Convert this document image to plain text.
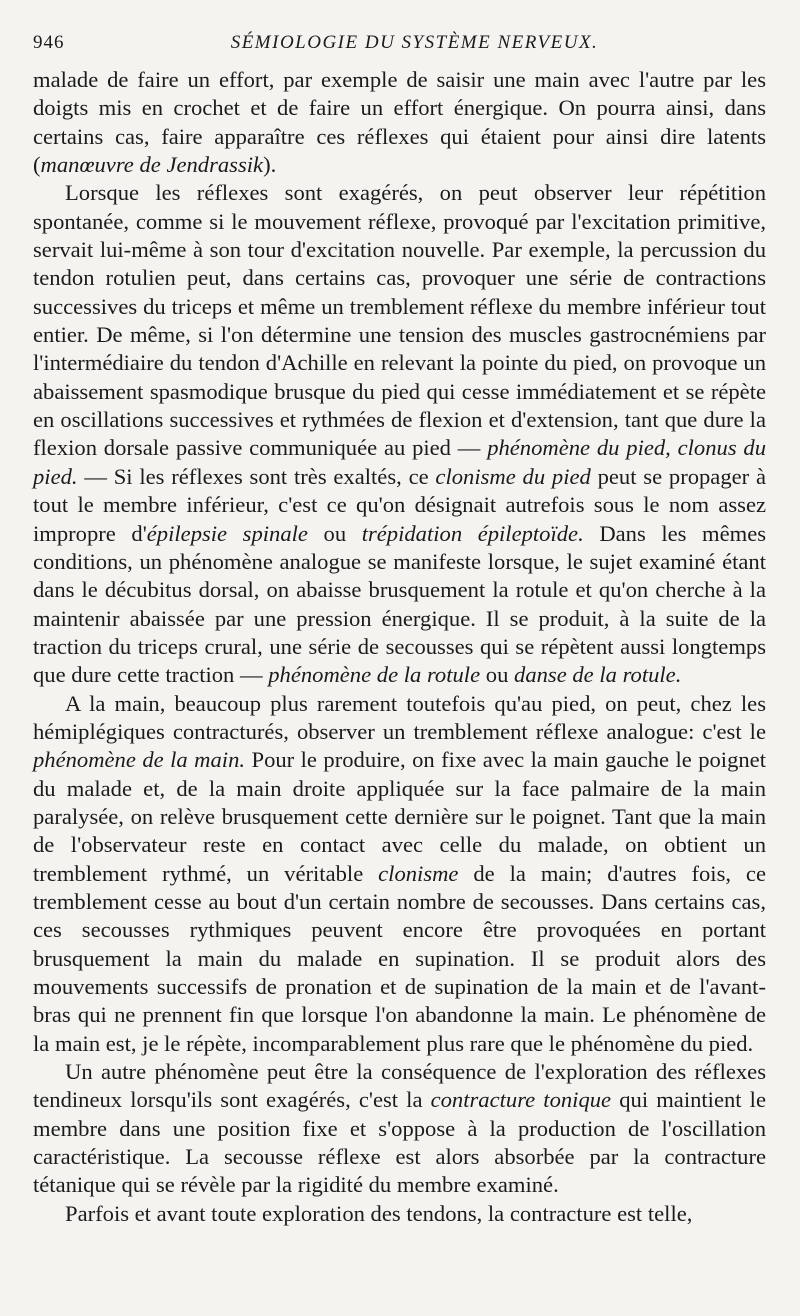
946	SÉMIOLOGIE DU SYSTÈME NERVEUX.

malade de faire un effort, par exemple de saisir une main avec l'autre par les doigts mis en crochet et de faire un effort énergique. On pourra ainsi, dans certains cas, faire apparaître ces réflexes qui étaient pour ainsi dire latents (manœuvre de Jendrassik).

Lorsque les réflexes sont exagérés, on peut observer leur répétition spontanée, comme si le mouvement réflexe, provoqué par l'excitation primitive, servait lui-même à son tour d'excitation nouvelle. Par exemple, la percussion du tendon rotulien peut, dans certains cas, provoquer une série de contractions successives du triceps et même un tremblement réflexe du membre inférieur tout entier. De même, si l'on détermine une tension des muscles gastrocnémiens par l'intermédiaire du tendon d'Achille en relevant la pointe du pied, on provoque un abaissement spasmodique brusque du pied qui cesse immédiatement et se répète en oscillations successives et rythmées de flexion et d'extension, tant que dure la flexion dorsale passive communiquée au pied — phénomène du pied, clonus du pied. — Si les réflexes sont très exaltés, ce clonisme du pied peut se propager à tout le membre inférieur, c'est ce qu'on désignait autrefois sous le nom assez impropre d'épilepsie spinale ou trépidation épileptoïde. Dans les mêmes conditions, un phénomène analogue se manifeste lorsque, le sujet examiné étant dans le décubitus dorsal, on abaisse brusquement la rotule et qu'on cherche à la maintenir abaissée par une pression énergique. Il se produit, à la suite de la traction du triceps crural, une série de secousses qui se répètent aussi longtemps que dure cette traction — phénomène de la rotule ou danse de la rotule.

A la main, beaucoup plus rarement toutefois qu'au pied, on peut, chez les hémiplégiques contracturés, observer un tremblement réflexe analogue: c'est le phénomène de la main. Pour le produire, on fixe avec la main gauche le poignet du malade et, de la main droite appliquée sur la face palmaire de la main paralysée, on relève brusquement cette dernière sur le poignet. Tant que la main de l'observateur reste en contact avec celle du malade, on obtient un tremblement rythmé, un véritable clonisme de la main; d'autres fois, ce tremblement cesse au bout d'un certain nombre de secousses. Dans certains cas, ces secousses rythmiques peuvent encore être provoquées en portant brusquement la main du malade en supination. Il se produit alors des mouvements successifs de pronation et de supination de la main et de l'avant-bras qui ne prennent fin que lorsque l'on abandonne la main. Le phénomène de la main est, je le répète, incomparablement plus rare que le phénomène du pied.

Un autre phénomène peut être la conséquence de l'exploration des réflexes tendineux lorsqu'ils sont exagérés, c'est la contracture tonique qui maintient le membre dans une position fixe et s'oppose à la production de l'oscillation caractéristique. La secousse réflexe est alors absorbée par la contracture tétanique qui se révèle par la rigidité du membre examiné.

Parfois et avant toute exploration des tendons, la contracture est telle,
